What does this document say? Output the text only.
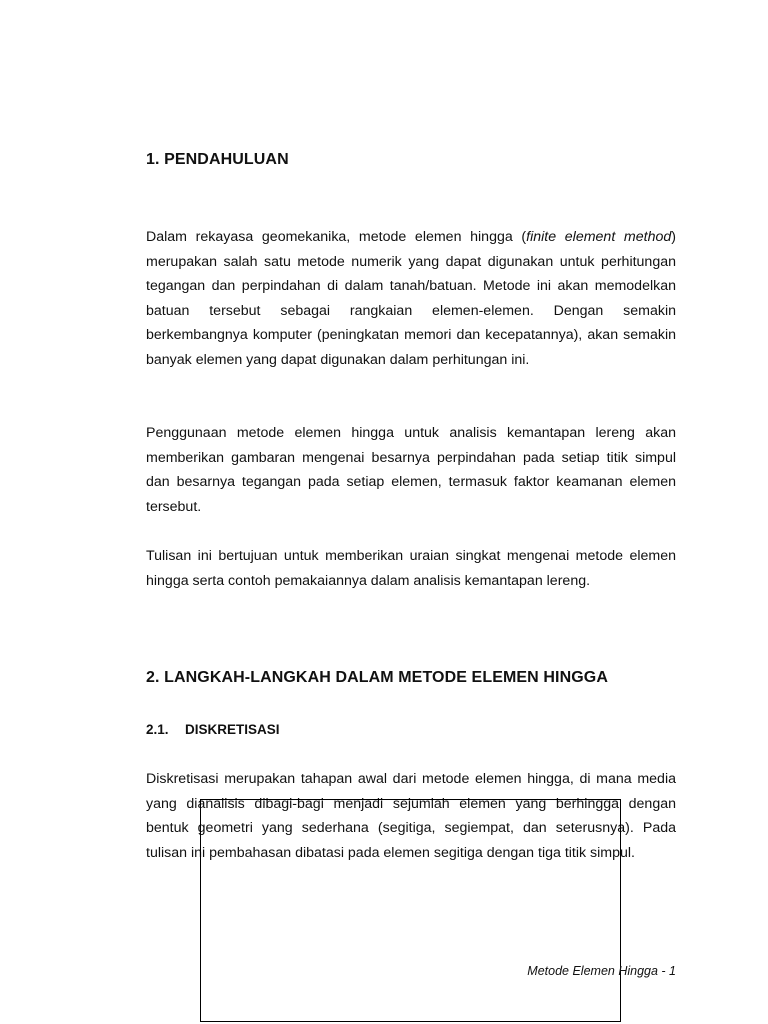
1. PENDAHULUAN

Dalam rekayasa geomekanika, metode elemen hingga (finite element method) merupakan salah satu metode numerik yang dapat digunakan untuk perhitungan tegangan dan perpindahan di dalam tanah/batuan. Metode ini akan memodelkan batuan tersebut sebagai rangkaian elemen-elemen. Dengan semakin berkembangnya komputer (peningkatan memori dan kecepatannya), akan semakin banyak elemen yang dapat digunakan dalam perhitungan ini.

Penggunaan metode elemen hingga untuk analisis kemantapan lereng akan memberikan gambaran mengenai besarnya perpindahan pada setiap titik simpul dan besarnya tegangan pada setiap elemen, termasuk faktor keamanan elemen tersebut.

Tulisan ini bertujuan untuk memberikan uraian singkat mengenai metode elemen hingga serta contoh pemakaiannya dalam analisis kemantapan lereng.

2. LANGKAH-LANGKAH DALAM METODE ELEMEN HINGGA
2.1. DISKRETISASI

Diskretisasi merupakan tahapan awal dari metode elemen hingga, di mana media yang dianalisis dibagi-bagi menjadi sejumlah elemen yang berhingga dengan bentuk geometri yang sederhana (segitiga, segiempat, dan seterusnya). Pada tulisan ini pembahasan dibatasi pada elemen segitiga dengan tiga titik simpul.

Metode Elemen Hingga - 1
